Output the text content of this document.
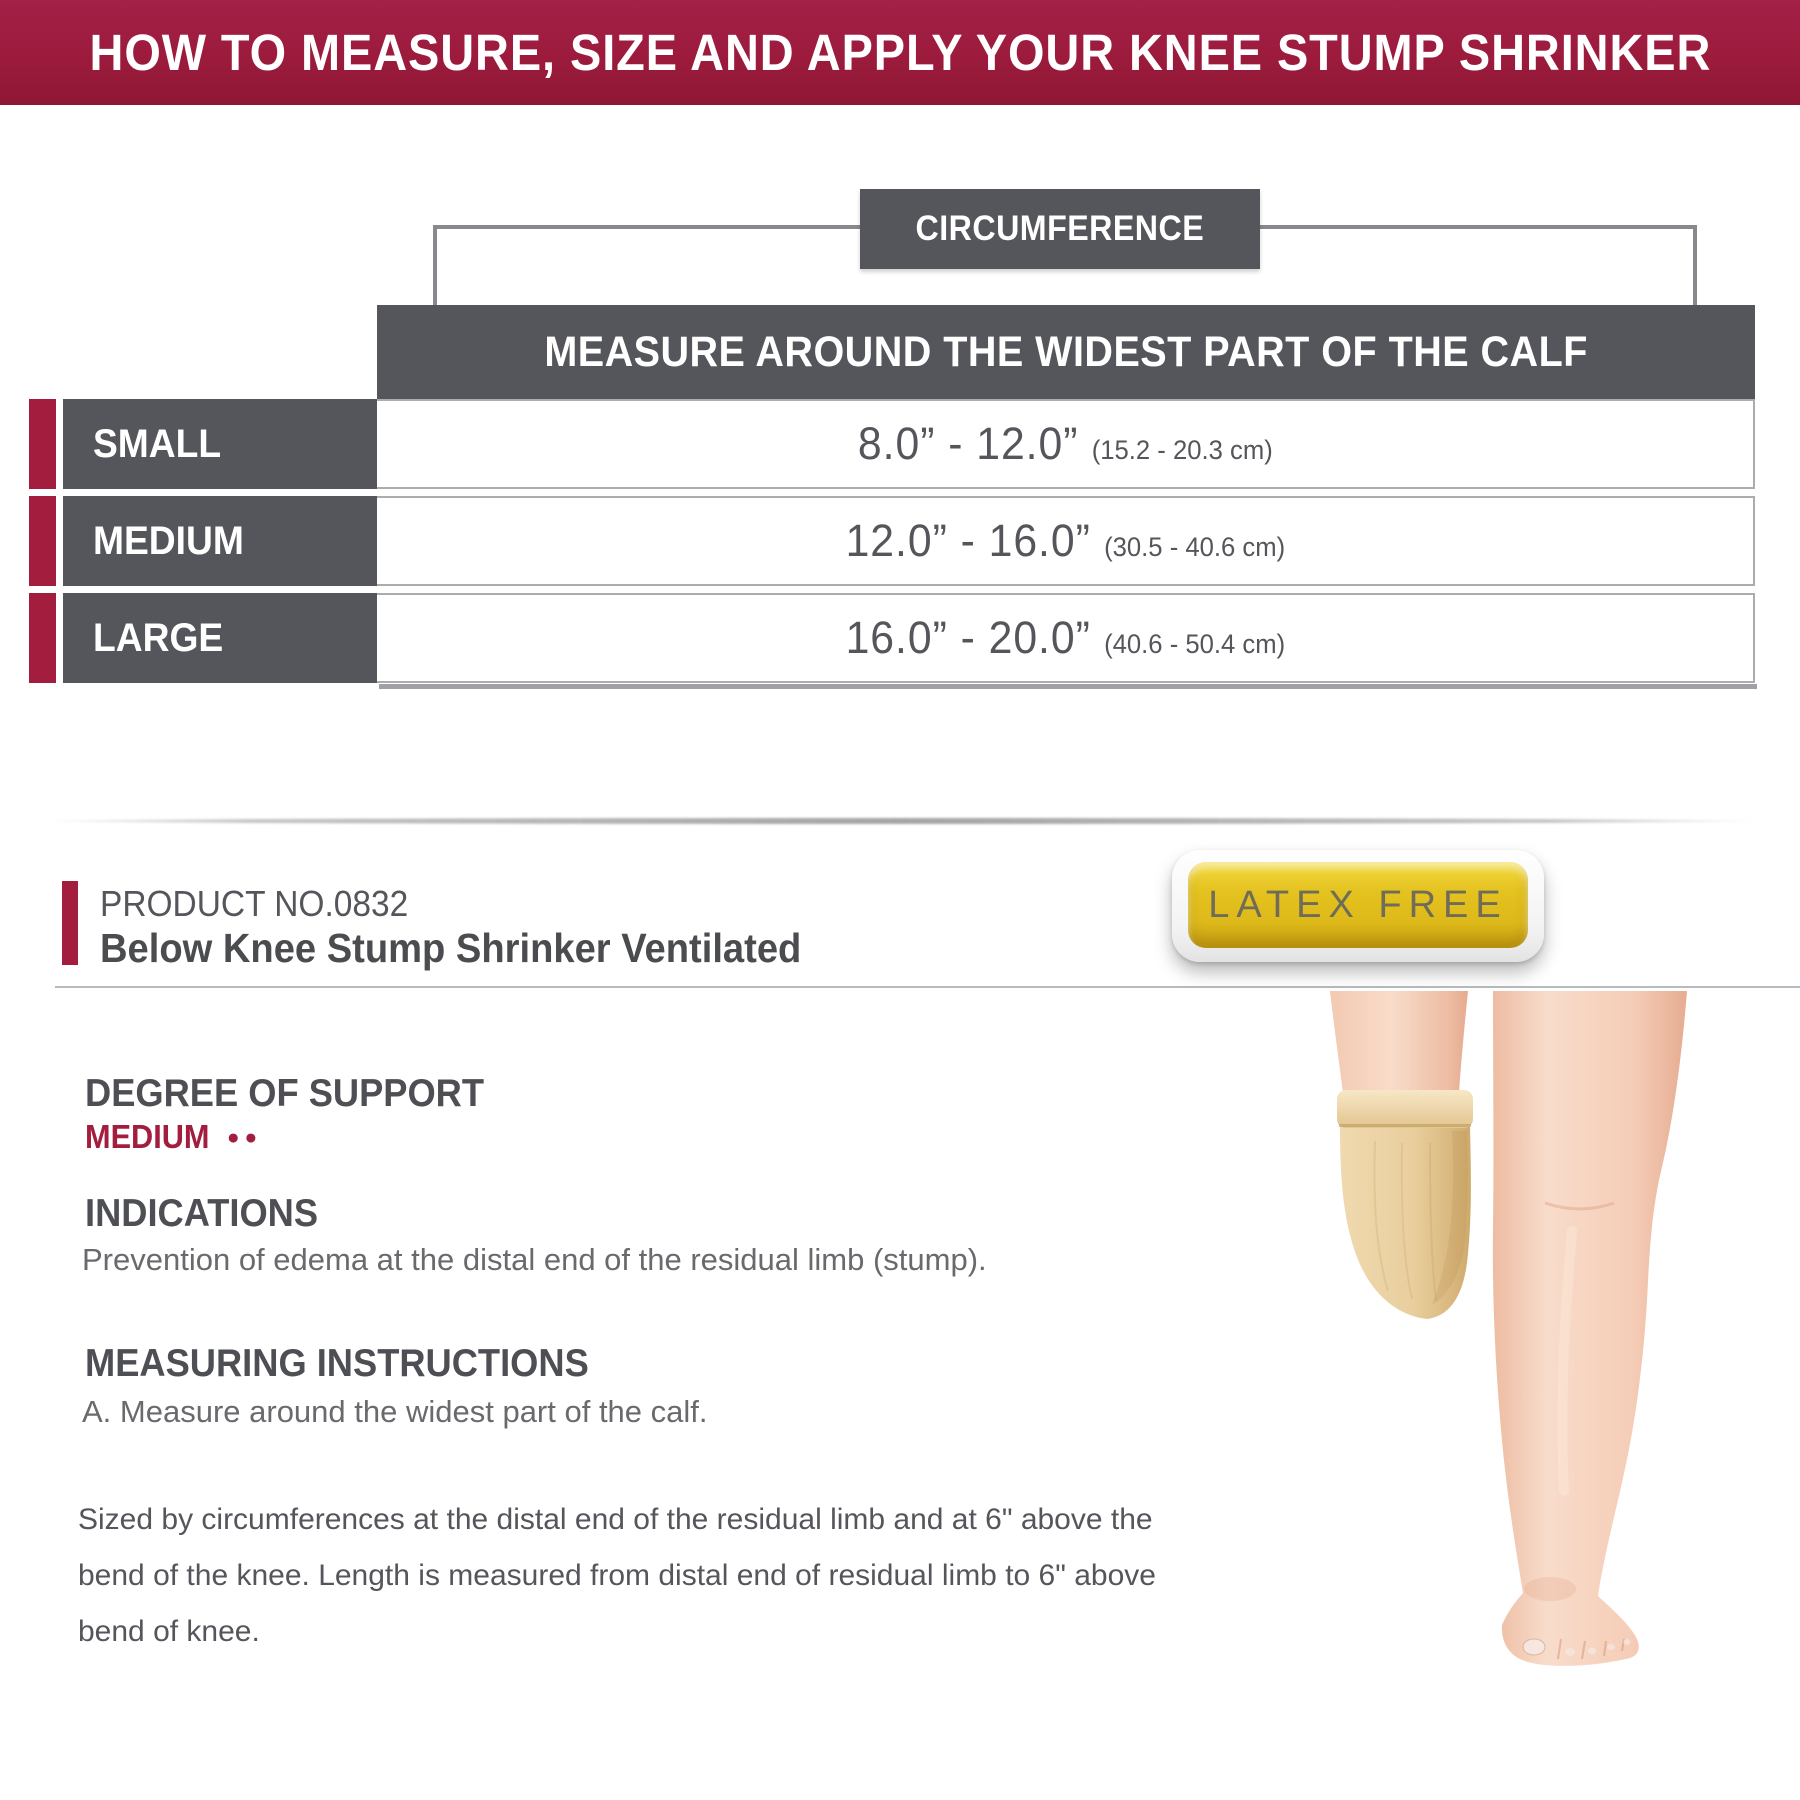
HOW TO MEASURE, SIZE AND APPLY YOUR KNEE STUMP SHRINKER
CIRCUMFERENCE
MEASURE AROUND THE WIDEST PART OF THE CALF
SMALL	8.0” - 12.0” (15.2 - 20.3 cm)
MEDIUM	12.0” - 16.0” (30.5 - 40.6 cm)
LARGE	16.0” - 20.0” (40.6 - 50.4 cm)
PRODUCT NO.0832
Below Knee Stump Shrinker Ventilated
LATEX FREE
DEGREE OF SUPPORT
MEDIUM ●●
INDICATIONS
Prevention of edema at the distal end of the residual limb (stump).
MEASURING INSTRUCTIONS
A. Measure around the widest part of the calf.
Sized by circumferences at the distal end of the residual limb and at 6" above the bend of the knee. Length is measured from distal end of residual limb to 6" above bend of knee.
